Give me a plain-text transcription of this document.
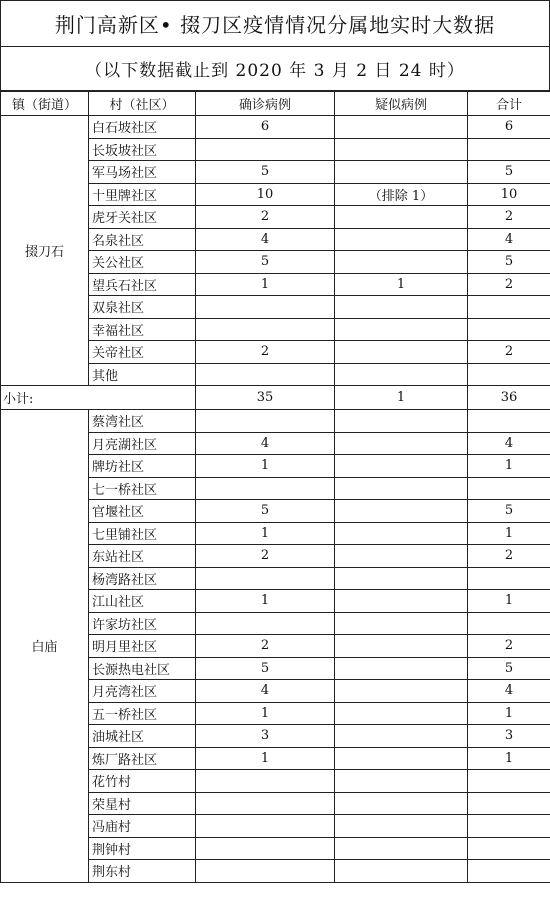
荆门高新区• 掇刀区疫情情况分属地实时大数据
（以下数据截止到 2020 年 3 月 2 日 24 时）
镇（街道）	村（社区）	确诊病例	疑似病例	合计
掇刀石	白石坡社区	6		6
	长坂坡社区			
	军马场社区	5		5
	十里牌社区	10	（排除 1）	10
	虎牙关社区	2		2
	名泉社区	4		4
	关公社区	5		5
	望兵石社区	1	1	2
	双泉社区			
	幸福社区			
	关帝社区	2		2
	其他			
小计:		35	1	36
白庙	蔡湾社区			
	月亮湖社区	4		4
	牌坊社区	1		1
	七一桥社区			
	官堰社区	5		5
	七里铺社区	1		1
	东站社区	2		2
	杨湾路社区			
	江山社区	1		1
	许家坊社区			
	明月里社区	2		2
	长源热电社区	5		5
	月亮湾社区	4		4
	五一桥社区	1		1
	油城社区	3		3
	炼厂路社区	1		1
	花竹村			
	荣星村			
	冯庙村			
	荆钟村			
	荆东村			
